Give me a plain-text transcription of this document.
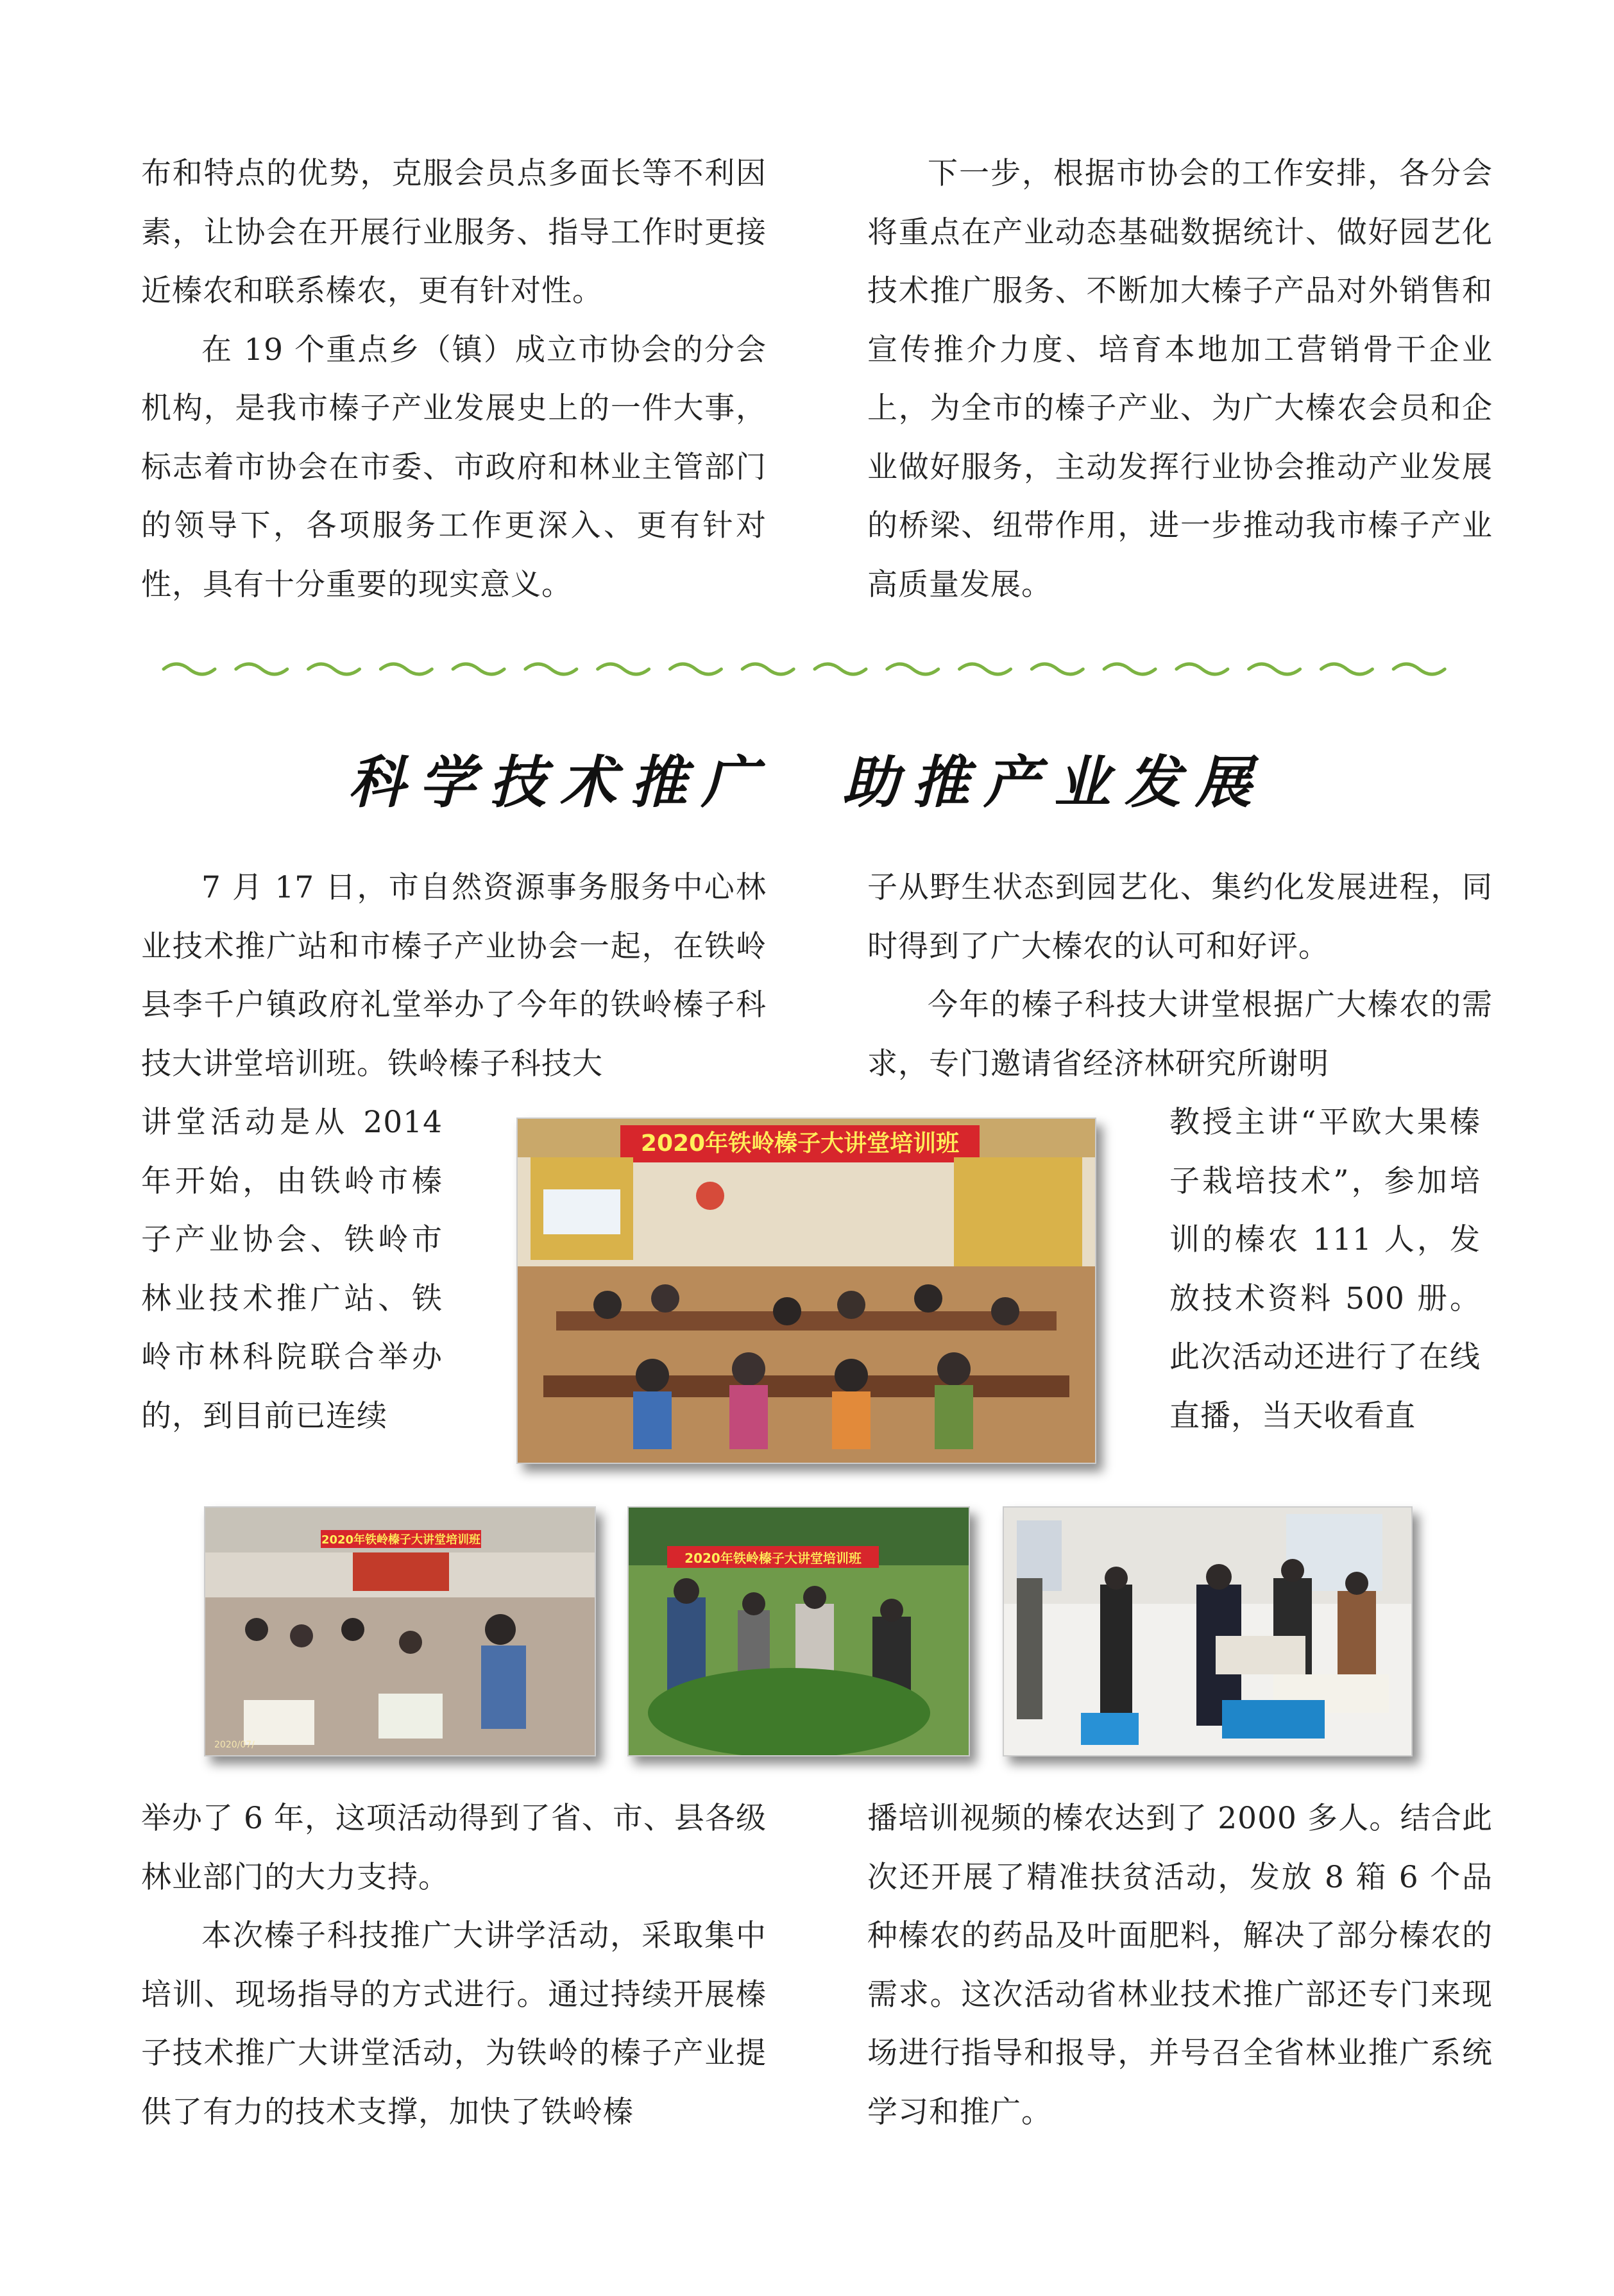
布和特点的优势，克服会员点多面长等不利因素，让协会在开展行业服务、指导工作时更接近榛农和联系榛农，更有针对性。

在 19 个重点乡（镇）成立市协会的分会机构，是我市榛子产业发展史上的一件大事，标志着市协会在市委、市政府和林业主管部门的领导下，各项服务工作更深入、更有针对性，具有十分重要的现实意义。

下一步，根据市协会的工作安排，各分会将重点在产业动态基础数据统计、做好园艺化技术推广服务、不断加大榛子产品对外销售和宣传推介力度、培育本地加工营销骨干企业上，为全市的榛子产业、为广大榛农会员和企业做好服务，主动发挥行业协会推动产业发展的桥梁、纽带作用，进一步推动我市榛子产业高质量发展。

科学技术推广　助推产业发展

7 月 17 日，市自然资源事务服务中心林业技术推广站和市榛子产业协会一起，在铁岭县李千户镇政府礼堂举办了今年的铁岭榛子科技大讲堂培训班。铁岭榛子科技大

讲堂活动是从 2014 年开始，由铁岭市榛子产业协会、铁岭市林业技术推广站、铁岭市林科院联合举办的，到目前已连续

子从野生状态到园艺化、集约化发展进程，同时得到了广大榛农的认可和好评。

今年的榛子科技大讲堂根据广大榛农的需求，专门邀请省经济林研究所谢明

教授主讲“平欧大果榛子栽培技术”，参加培训的榛农 111 人，发放技术资料 500 册。此次活动还进行了在线直播，当天收看直

2020年铁岭榛子大讲堂培训班
2020年铁岭榛子大讲堂培训班
2020/07/
2020年铁岭榛子大讲堂培训班

举办了 6 年，这项活动得到了省、市、县各级林业部门的大力支持。

本次榛子科技推广大讲学活动，采取集中培训、现场指导的方式进行。通过持续开展榛子技术推广大讲堂活动，为铁岭的榛子产业提供了有力的技术支撑，加快了铁岭榛

播培训视频的榛农达到了 2000 多人。结合此次还开展了精准扶贫活动，发放 8 箱 6 个品种榛农的药品及叶面肥料，解决了部分榛农的需求。这次活动省林业技术推广部还专门来现场进行指导和报导，并号召全省林业推广系统学习和推广。
